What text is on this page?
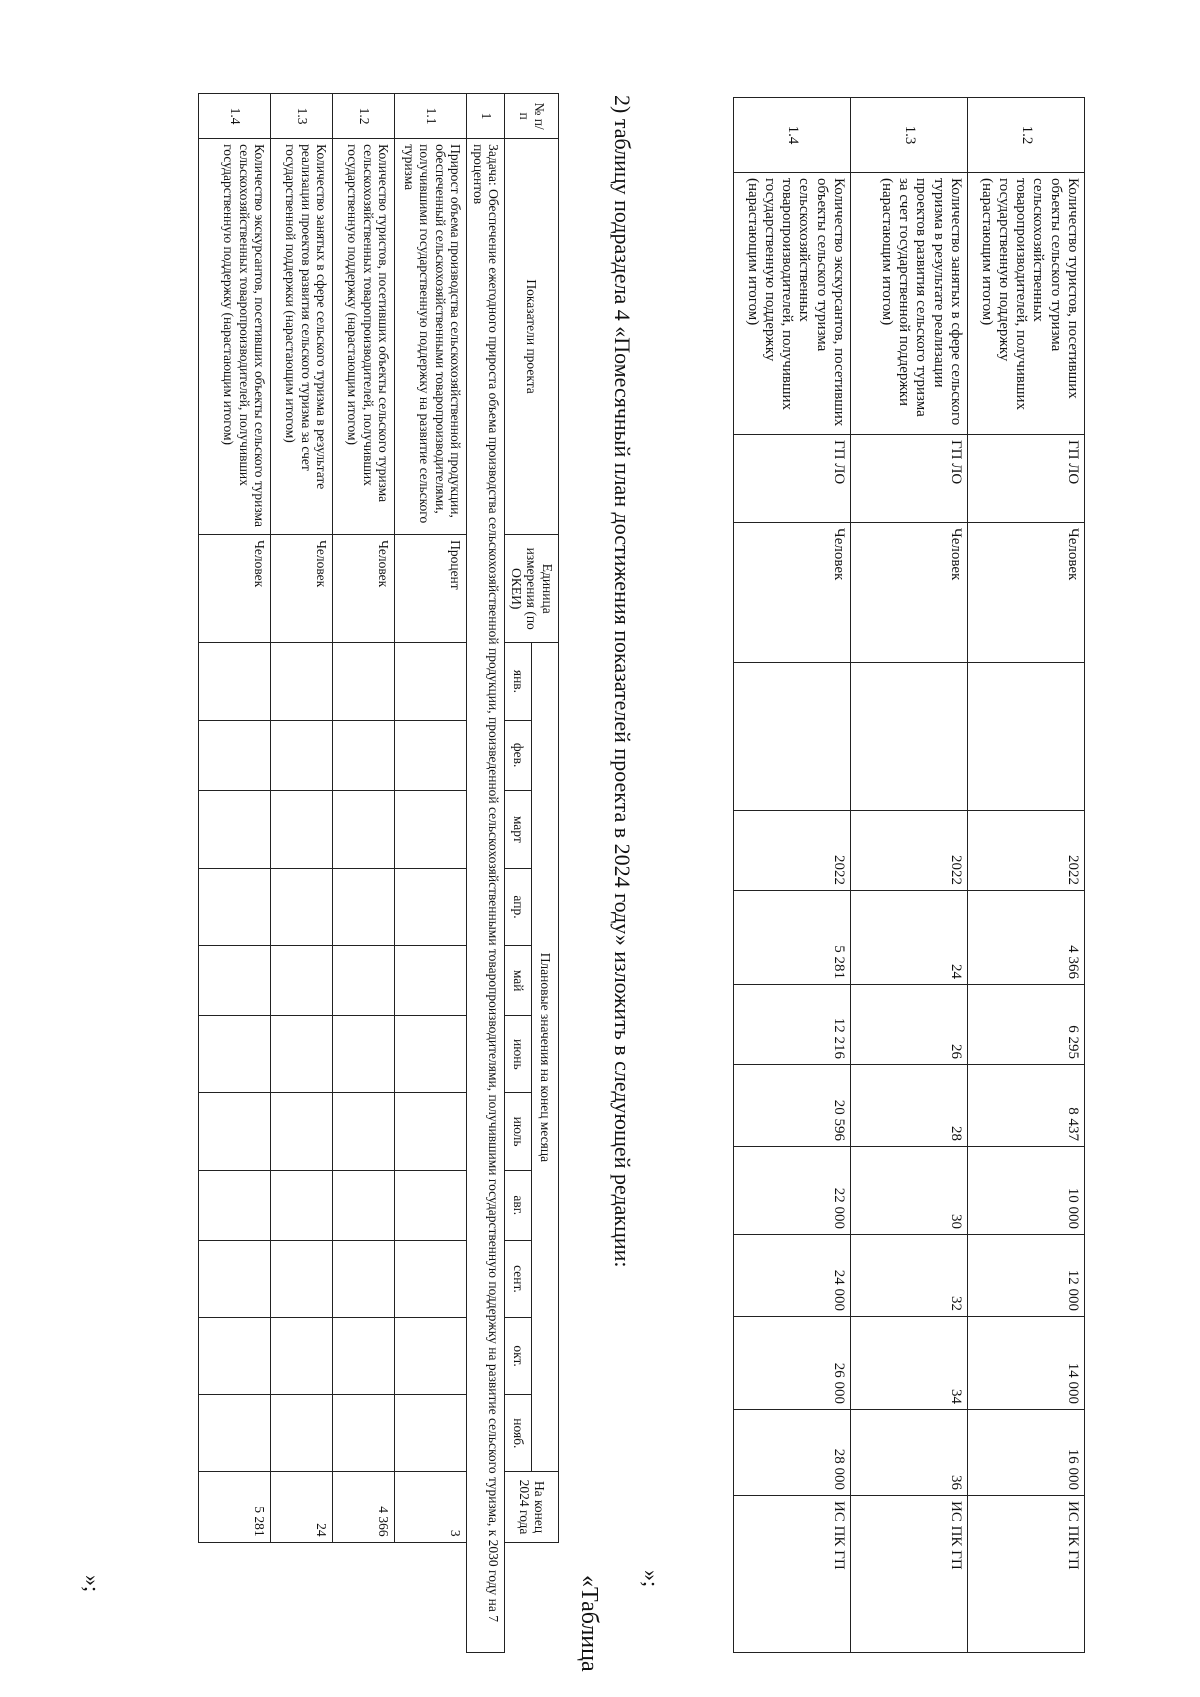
1.2	Количество туристов, посетивших объекты сельского туризма сельскохозяйственных товаропроизводителей, получивших государственную поддержку (нарастающим итогом)	ГП ЛО	Человек		2022	4 366	6 295	8 437	10 000	12 000	14 000	16 000	ИС ПК ГП
1.3	Количество занятых в сфере сельского туризма в результате реализации проектов развития сельского туризма за счет государственной поддержки (нарастающим итогом)	ГП ЛО	Человек		2022	24	26	28	30	32	34	36	ИС ПК ГП
1.4	Количество экскурсантов, посетивших объекты сельского туризма сельскохозяйственных товаропроизводителей, получивших государственную поддержку (нарастающим итогом)	ГП ЛО	Человек		2022	5 281	12 216	20 596	22 000	24 000	26 000	28 000	ИС ПК ГП
»;
2) таблицу подраздела 4 «Помесячный план достижения показателей проекта в 2024 году» изложить в следующей редакции:
«Таблица
№ п/п	Показатели проекта	Единица измерения (по ОКЕИ)	Плановые значения на конец месяца											На конец 2024 года
			янв.	фев.	март	апр.	май	июнь	июль	авг.	сент.	окт.	нояб.	
1	Задача: Обеспечение ежегодного прироста объема производства сельскохозяйственной продукции, произведенной сельскохозяйственными товаропроизводителями, получившими государственную поддержку на развитие сельского туризма, к 2030 году на 7 процентов													
1.1	Прирост объема производства сельскохозяйственной продукции, обеспеченный сельскохозяйственными товаропроизводителями, получившими государственную поддержку на развитие сельского туризма	Процент												3
1.2	Количество туристов, посетивших объекты сельского туризма сельскохозяйственных товаропроизводителей, получивших государственную поддержку (нарастающим итогом)	Человек												4 366
1.3	Количество занятых в сфере сельского туризма в результате реализации проектов развития сельского туризма за счет государственной поддержки (нарастающим итогом)	Человек												24
1.4	Количество экскурсантов, посетивших объекты сельского туризма сельскохозяйственных товаропроизводителей, получивших государственную поддержку (нарастающим итогом)	Человек												5 281
»;
